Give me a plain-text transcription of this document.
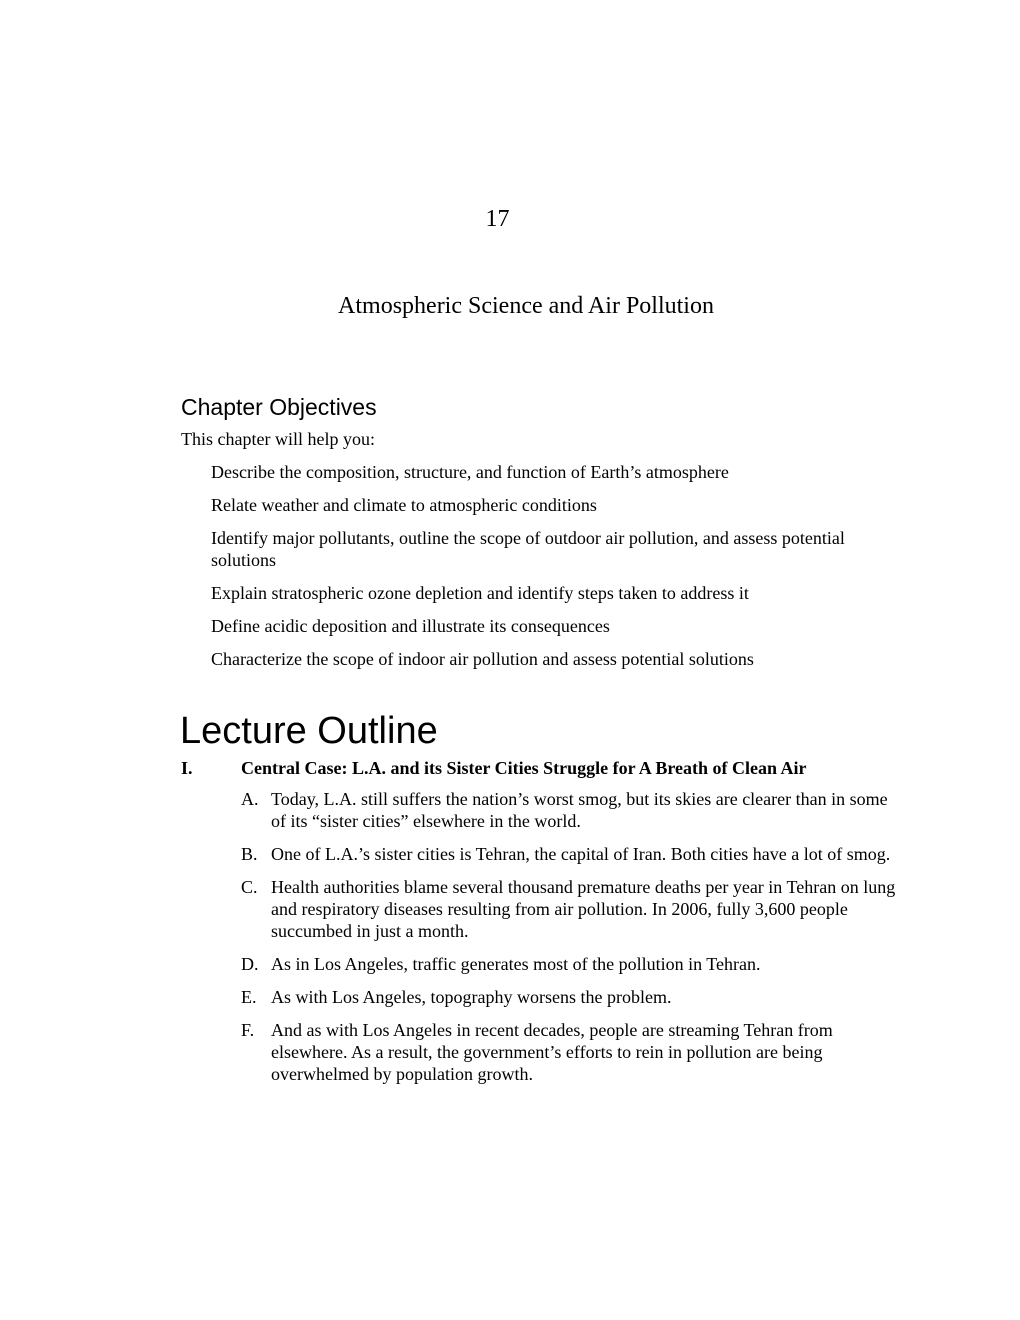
17
Atmospheric Science and Air Pollution
Chapter Objectives
This chapter will help you:
Describe the composition, structure, and function of Earth’s atmosphere
Relate weather and climate to atmospheric conditions
Identify major pollutants, outline the scope of outdoor air pollution, and assess potential solutions
Explain stratospheric ozone depletion and identify steps taken to address it
Define acidic deposition and illustrate its consequences
Characterize the scope of indoor air pollution and assess potential solutions
Lecture Outline
I.	Central Case: L.A. and its Sister Cities Struggle for A Breath of Clean Air
A. Today, L.A. still suffers the nation’s worst smog, but its skies are clearer than in some of its “sister cities” elsewhere in the world.
B. One of L.A.’s sister cities is Tehran, the capital of Iran. Both cities have a lot of smog.
C. Health authorities blame several thousand premature deaths per year in Tehran on lung and respiratory diseases resulting from air pollution. In 2006, fully 3,600 people succumbed in just a month.
D. As in Los Angeles, traffic generates most of the pollution in Tehran.
E. As with Los Angeles, topography worsens the problem.
F. And as with Los Angeles in recent decades, people are streaming Tehran from elsewhere. As a result, the government’s efforts to rein in pollution are being overwhelmed by population growth.
